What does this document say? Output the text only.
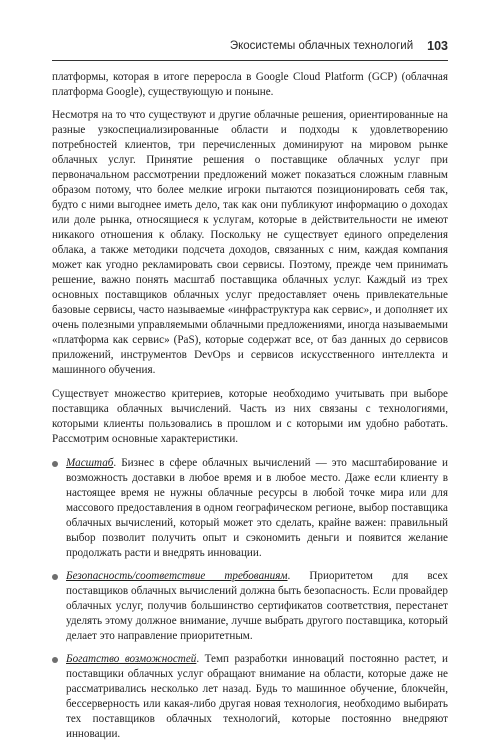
Экосистемы облачных технологий 103

платформы, которая в итоге переросла в Google Cloud Platform (GCP) (облачная платформа Google), существующую и поныне.

Несмотря на то что существуют и другие облачные решения, ориентированные на разные узкоспециализированные области и подходы к удовлетворению потребностей клиентов, три перечисленных доминируют на мировом рынке облачных услуг. Принятие решения о поставщике облачных услуг при первоначальном рассмотрении предложений может показаться сложным главным образом потому, что более мелкие игроки пытаются позиционировать себя так, будто с ними выгоднее иметь дело, так как они публикуют информацию о доходах или доле рынка, относящиеся к услугам, которые в действительности не имеют никакого отношения к облаку. Поскольку не существует единого определения облака, а также методики подсчета доходов, связанных с ним, каждая компания может как угодно рекламировать свои сервисы. Поэтому, прежде чем принимать решение, важно понять масштаб поставщика облачных услуг. Каждый из трех основных поставщиков облачных услуг предоставляет очень привлекательные базовые сервисы, часто называемые «инфраструктура как сервис», и дополняет их очень полезными управляемыми облачными предложениями, иногда называемыми «платформа как сервис» (PaS), которые содержат все, от баз данных до сервисов приложений, инструментов DevOps и сервисов искусственного интеллекта и машинного обучения.

Существует множество критериев, которые необходимо учитывать при выборе поставщика облачных вычислений. Часть из них связаны с технологиями, которыми клиенты пользовались в прошлом и с которыми им удобно работать. Рассмотрим основные характеристики.

Масштаб. Бизнес в сфере облачных вычислений — это масштабирование и возможность доставки в любое время и в любое место. Даже если клиенту в настоящее время не нужны облачные ресурсы в любой точке мира или для массового предоставления в одном географическом регионе, выбор поставщика облачных вычислений, который может это сделать, крайне важен: правильный выбор позволит получить опыт и сэкономить деньги и появится желание продолжать расти и внедрять инновации.
Безопасность/соответствие требованиям. Приоритетом для всех поставщиков облачных вычислений должна быть безопасность. Если провайдер облачных услуг, получив большинство сертификатов соответствия, перестанет уделять этому должное внимание, лучше выбрать другого поставщика, который делает это направление приоритетным.
Богатство возможностей. Темп разработки инноваций постоянно растет, и поставщики облачных услуг обращают внимание на области, которые даже не рассматривались несколько лет назад. Будь то машинное обучение, блокчейн, бессерверность или какая-либо другая новая технология, необходимо выбирать тех поставщиков облачных технологий, которые постоянно внедряют инновации.
